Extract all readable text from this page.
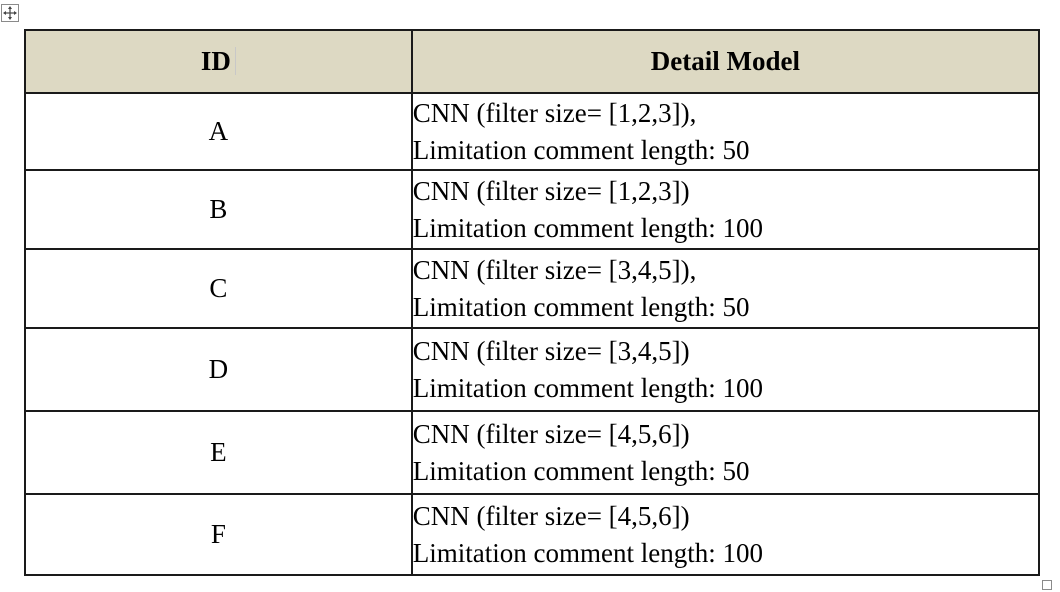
ID	Detail Model
A	CNN (filter size= [1,2,3]),
Limitation comment length: 50

B	CNN (filter size= [1,2,3])
Limitation comment length: 100

C	CNN (filter size= [3,4,5]),
Limitation comment length: 50

D	CNN (filter size= [3,4,5])
Limitation comment length: 100

E	CNN (filter size= [4,5,6])
Limitation comment length: 50

F	CNN (filter size= [4,5,6])
Limitation comment length: 100
